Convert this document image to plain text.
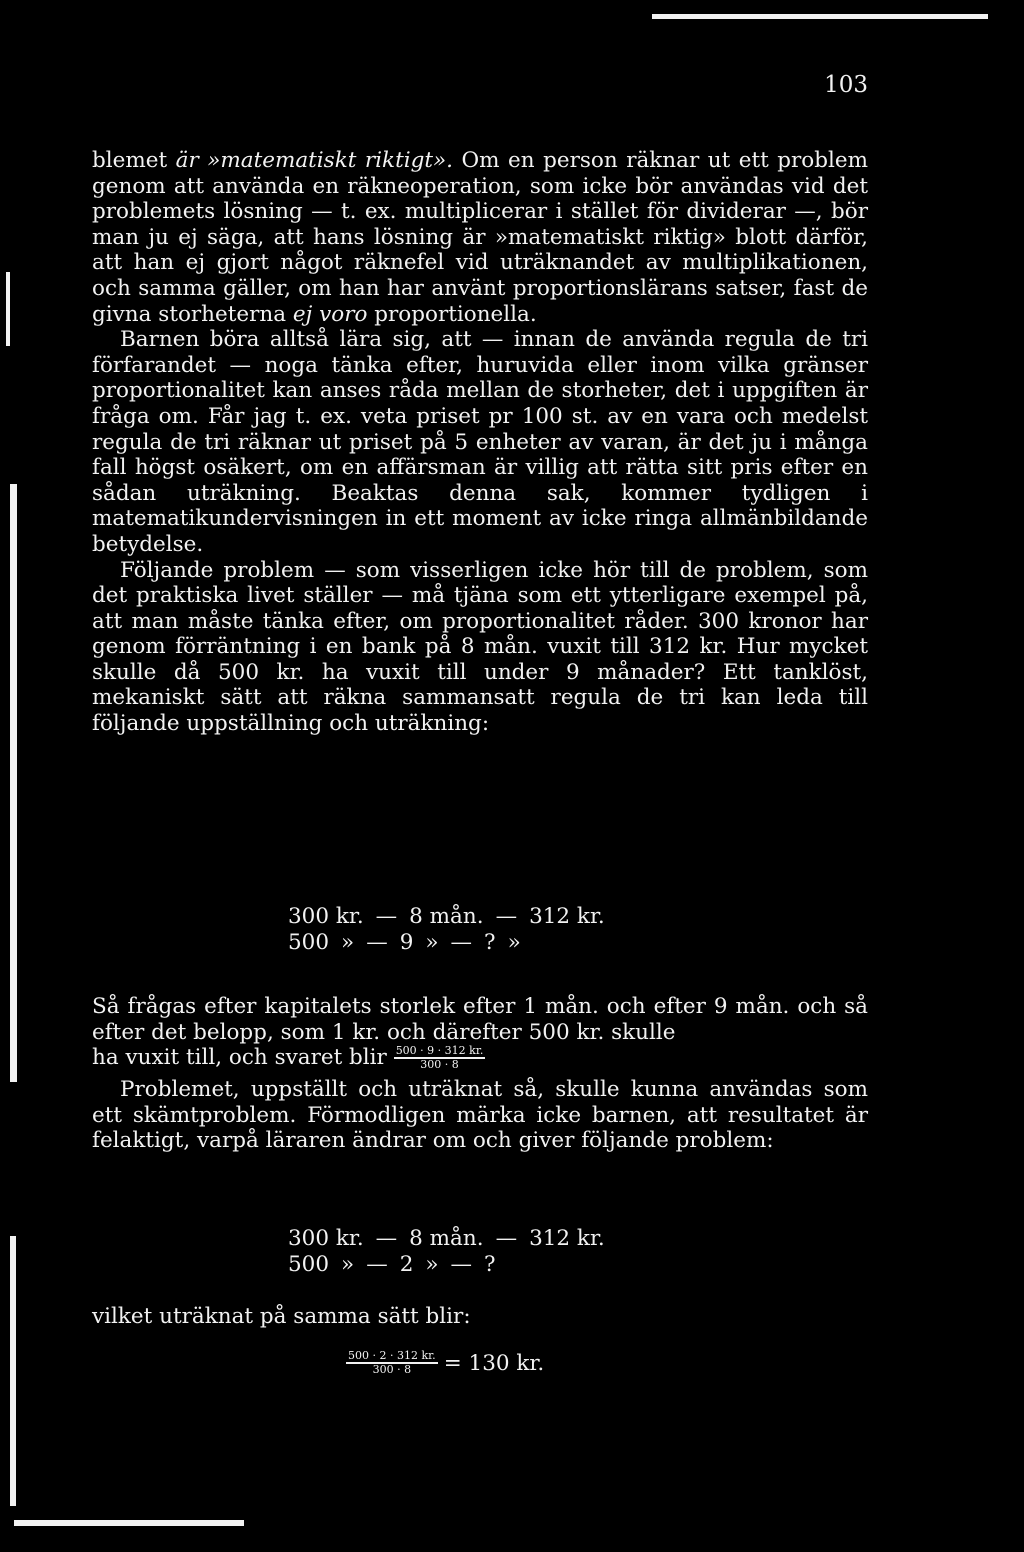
103

blemet är »matematiskt riktigt». Om en person räknar ut ett problem genom att använda en räkneoperation, som icke bör användas vid det problemets lösning — t. ex. multiplicerar i stället för dividerar —, bör man ju ej säga, att hans lösning är »matematiskt riktig» blott därför, att han ej gjort något räknefel vid uträknandet av multiplikationen, och samma gäller, om han har använt proportionslärans satser, fast de givna storheterna ej voro proportionella.

Barnen böra alltså lära sig, att — innan de använda regula de tri förfarandet — noga tänka efter, huruvida eller inom vilka gränser proportionalitet kan anses råda mellan de storheter, det i uppgiften är fråga om. Får jag t. ex. veta priset pr 100 st. av en vara och medelst regula de tri räknar ut priset på 5 enheter av varan, är det ju i många fall högst osäkert, om en affärsman är villig att rätta sitt pris efter en sådan uträkning. Beaktas denna sak, kommer tydligen i matematikundervisningen in ett moment av icke ringa allmänbildande betydelse.

Följande problem — som visserligen icke hör till de problem, som det praktiska livet ställer — må tjäna som ett ytterligare exempel på, att man måste tänka efter, om proportionalitet råder. 300 kronor har genom förräntning i en bank på 8 mån. vuxit till 312 kr. Hur mycket skulle då 500 kr. ha vuxit till under 9 månader? Ett tanklöst, mekaniskt sätt att räkna sammansatt regula de tri kan leda till följande uppställning och uträkning:

300 kr. — 8 mån. — 312 kr.
500 » — 9 » — ? »

Så frågas efter kapitalets storlek efter 1 mån. och efter 9 mån. och så efter det belopp, som 1 kr. och därefter 500 kr. skulle

ha vuxit till, och svaret blir $\frac{500 \cdot 9 \cdot 312 kr.}{300 \cdot 8}$

Problemet, uppställt och uträknat så, skulle kunna användas som ett skämtproblem. Förmodligen märka icke barnen, att resultatet är felaktigt, varpå läraren ändrar om och giver följande problem:

300 kr. — 8 mån. — 312 kr.
500 » — 2 » — ?
vilket uträknat på samma sätt blir:
$\frac{500 \cdot 2 \cdot 312 kr.}{300 \cdot 8} = 130$ kr.
